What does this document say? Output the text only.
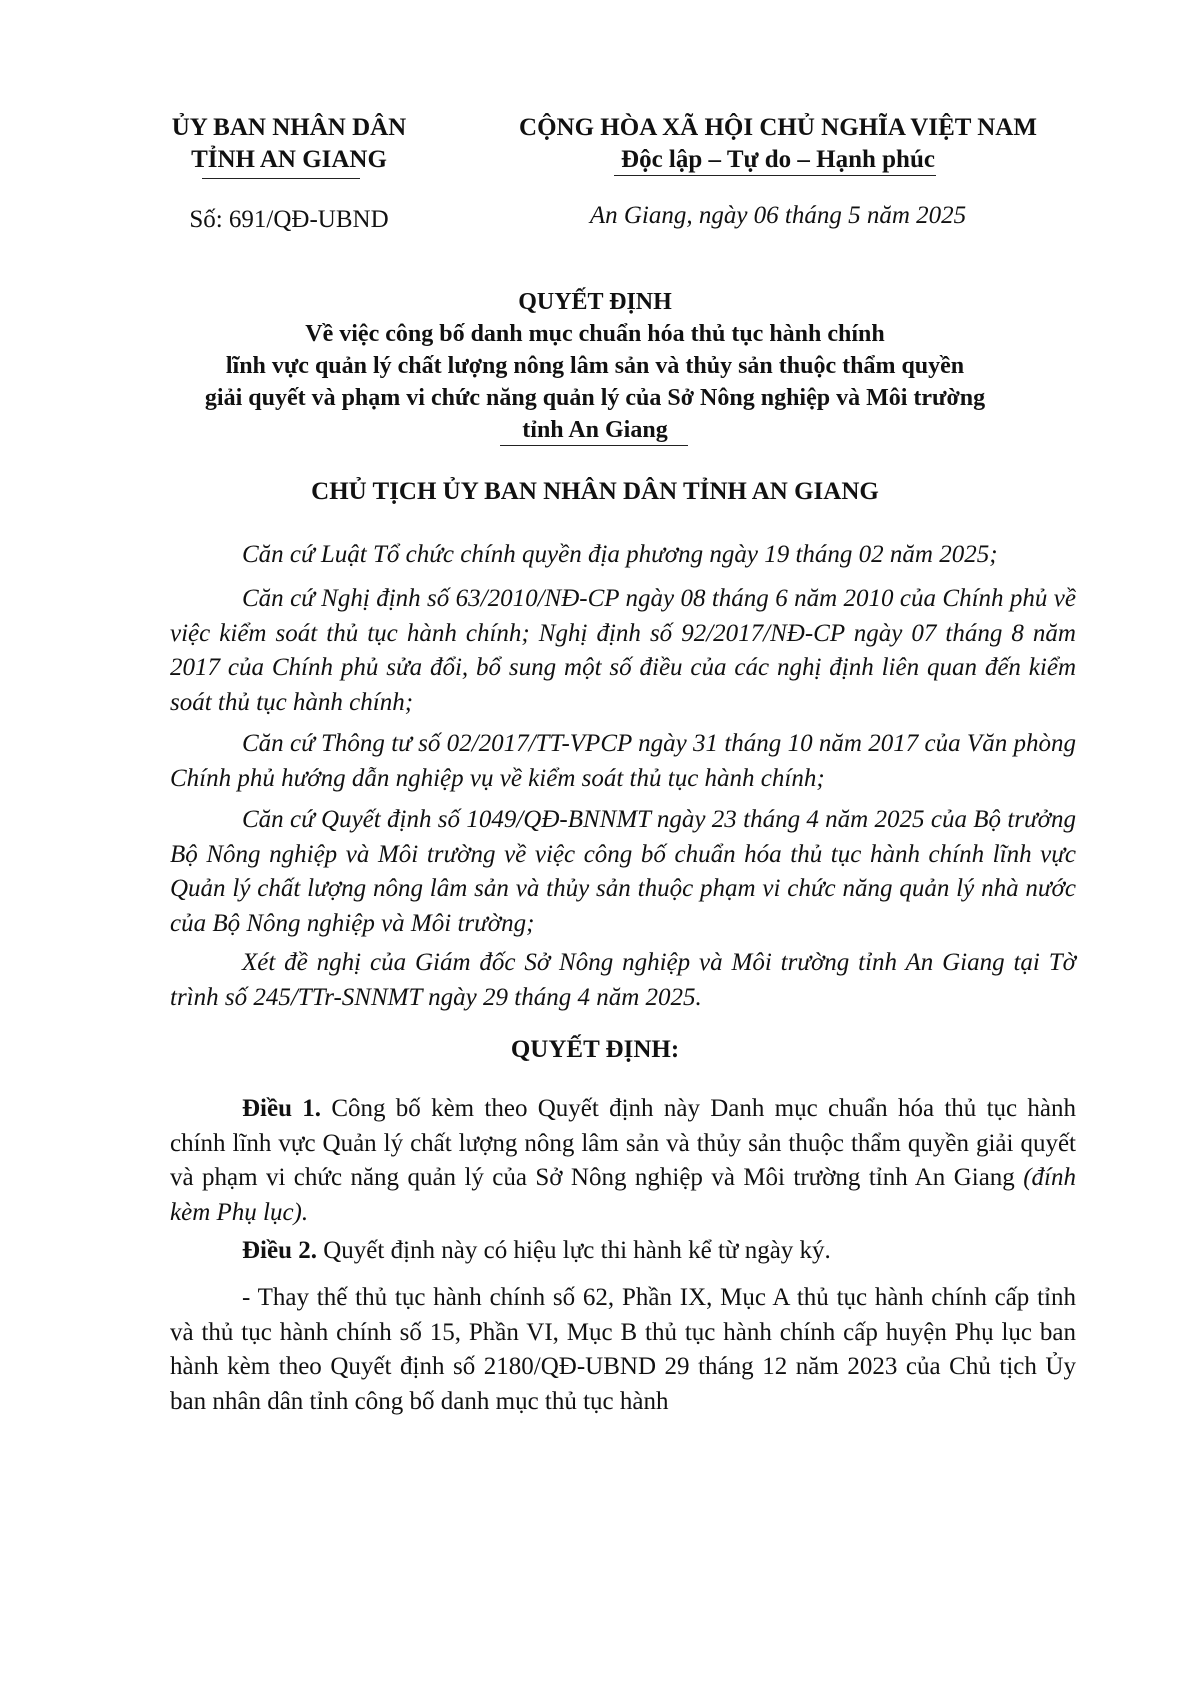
ỦY BAN NHÂN DÂN
TỈNH AN GIANG
CỘNG HÒA XÃ HỘI CHỦ NGHĨA VIỆT NAM
Độc lập – Tự do – Hạnh phúc
Số: 691/QĐ-UBND	An Giang, ngày 06 tháng 5 năm 2025
QUYẾT ĐỊNH
Về việc công bố danh mục chuẩn hóa thủ tục hành chính
lĩnh vực quản lý chất lượng nông lâm sản và thủy sản thuộc thẩm quyền
giải quyết và phạm vi chức năng quản lý của Sở Nông nghiệp và Môi trường
tỉnh An Giang
CHỦ TỊCH ỦY BAN NHÂN DÂN TỈNH AN GIANG

Căn cứ Luật Tổ chức chính quyền địa phương ngày 19 tháng 02 năm 2025;

Căn cứ Nghị định số 63/2010/NĐ-CP ngày 08 tháng 6 năm 2010 của Chính phủ về việc kiểm soát thủ tục hành chính; Nghị định số 92/2017/NĐ-CP ngày 07 tháng 8 năm 2017 của Chính phủ sửa đổi, bổ sung một số điều của các nghị định liên quan đến kiểm soát thủ tục hành chính;

Căn cứ Thông tư số 02/2017/TT-VPCP ngày 31 tháng 10 năm 2017 của Văn phòng Chính phủ hướng dẫn nghiệp vụ về kiểm soát thủ tục hành chính;

Căn cứ Quyết định số 1049/QĐ-BNNMT ngày 23 tháng 4 năm 2025 của Bộ trưởng Bộ Nông nghiệp và Môi trường về việc công bố chuẩn hóa thủ tục hành chính lĩnh vực Quản lý chất lượng nông lâm sản và thủy sản thuộc phạm vi chức năng quản lý nhà nước của Bộ Nông nghiệp và Môi trường;

Xét đề nghị của Giám đốc Sở Nông nghiệp và Môi trường tỉnh An Giang tại Tờ trình số 245/TTr-SNNMT ngày 29 tháng 4 năm 2025.

QUYẾT ĐỊNH:

Điều 1. Công bố kèm theo Quyết định này Danh mục chuẩn hóa thủ tục hành chính lĩnh vực Quản lý chất lượng nông lâm sản và thủy sản thuộc thẩm quyền giải quyết và phạm vi chức năng quản lý của Sở Nông nghiệp và Môi trường tỉnh An Giang (đính kèm Phụ lục).

Điều 2. Quyết định này có hiệu lực thi hành kể từ ngày ký.

- Thay thế thủ tục hành chính số 62, Phần IX, Mục A thủ tục hành chính cấp tỉnh và thủ tục hành chính số 15, Phần VI, Mục B thủ tục hành chính cấp huyện Phụ lục ban hành kèm theo Quyết định số 2180/QĐ-UBND 29 tháng 12 năm 2023 của Chủ tịch Ủy ban nhân dân tỉnh công bố danh mục thủ tục hành
